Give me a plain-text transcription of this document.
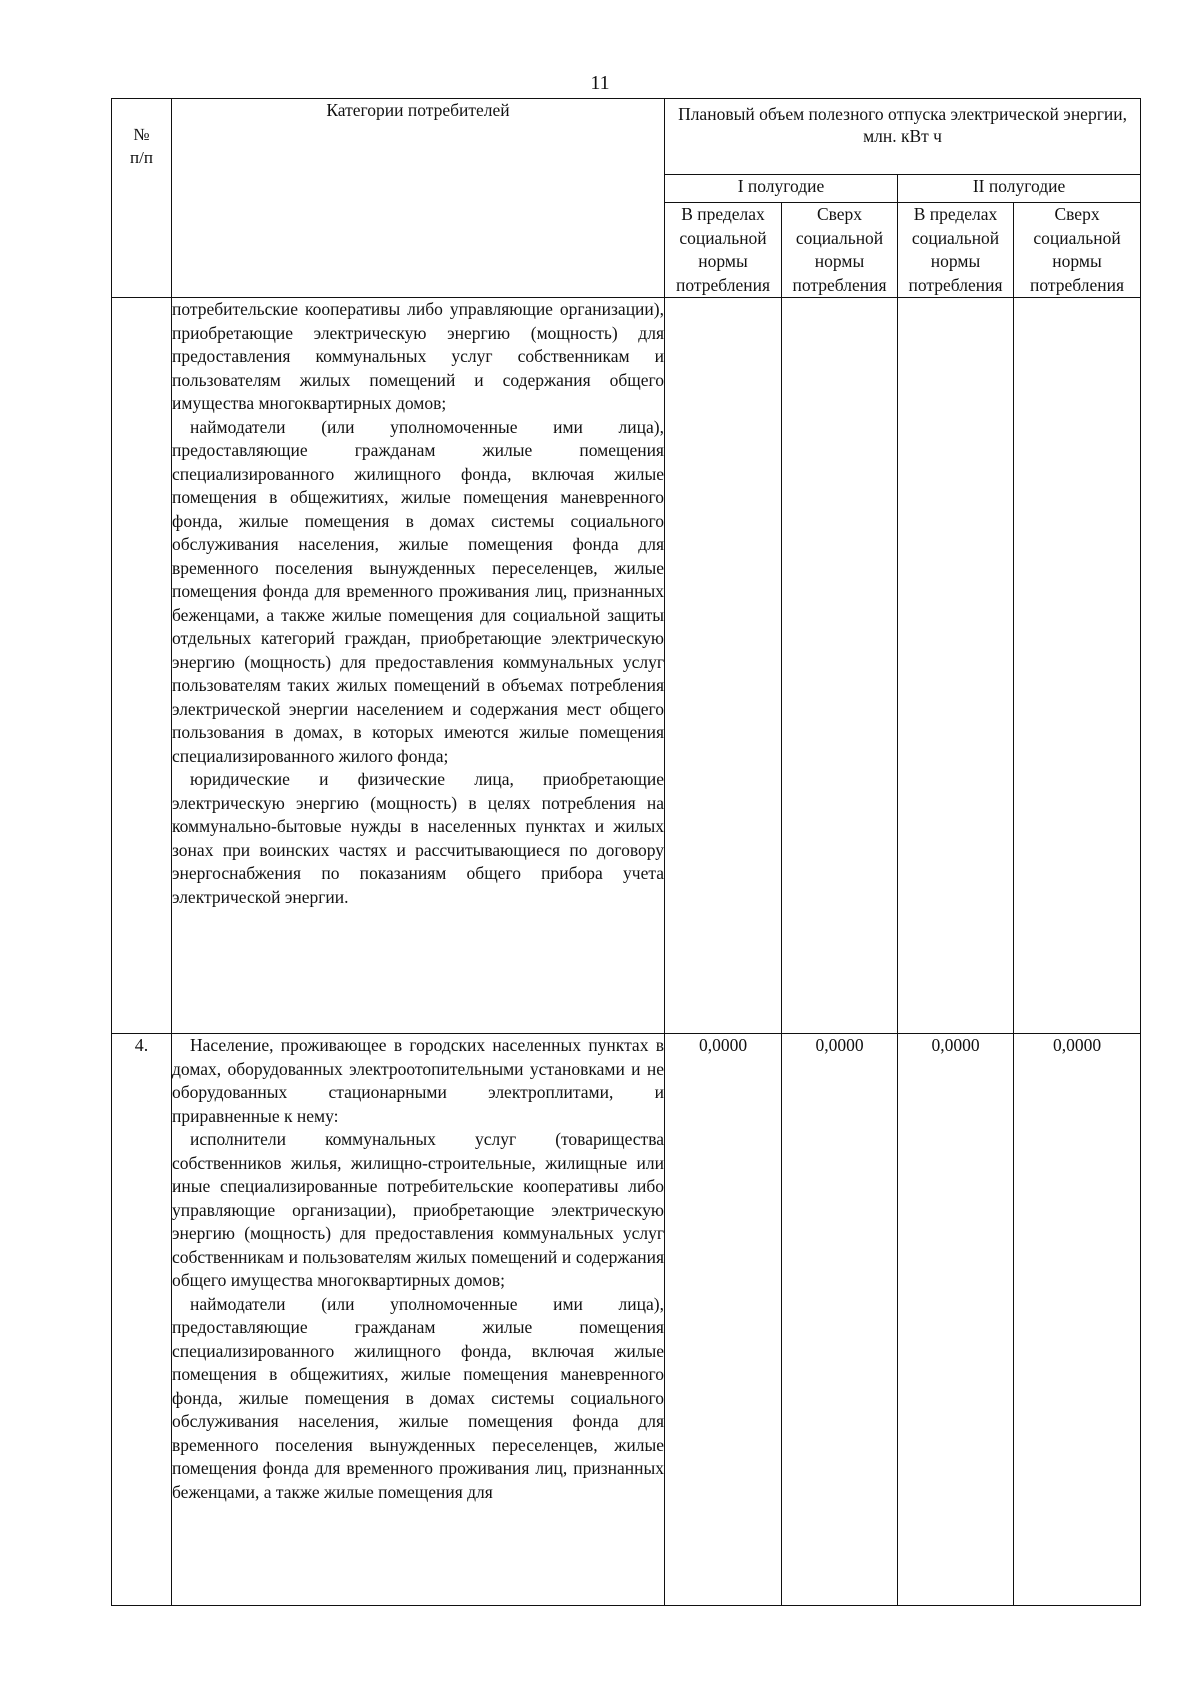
11

№
п/п	Категории потребителей	Плановый объем полезного отпуска электрической энергии,
млн. кВт ч			
		I полугодие		II полугодие	
		В пределах социальной нормы потребления	Сверх социальной нормы потребления	В пределах социальной нормы потребления	Сверх социальной нормы потребления

	потребительские кооперативы либо управляющие организации), приобретающие электрическую энергию (мощность) для предоставления коммунальных услуг собственникам и пользователям жилых помещений и содержания общего имущества многоквартирных домов;
наймодатели (или уполномоченные ими лица), предоставляющие гражданам жилые помещения специализированного жилищного фонда, включая жилые помещения в общежитиях, жилые помещения маневренного фонда, жилые помещения в домах системы социального обслуживания населения, жилые помещения фонда для временного поселения вынужденных переселенцев, жилые помещения фонда для временного проживания лиц, признанных беженцами, а также жилые помещения для социальной защиты отдельных категорий граждан, приобретающие электрическую энергию (мощность) для предоставления коммунальных услуг пользователям таких жилых помещений в объемах потребления электрической энергии населением и содержания мест общего пользования в домах, в которых имеются жилые помещения специализированного жилого фонда;
юридические и физические лица, приобретающие электрическую энергию (мощность) в целях потребления на коммунально-бытовые нужды в населенных пунктах и жилых зонах при воинских частях и рассчитывающиеся по договору энергоснабжения по показаниям общего прибора учета электрической энергии.				

4.	Население, проживающее в городских населенных пунктах в домах, оборудованных электроотопительными установками и не оборудованных стационарными электроплитами, и приравненные к нему:
исполнители коммунальных услуг (товарищества собственников жилья, жилищно-строительные, жилищные или иные специализированные потребительские кооперативы либо управляющие организации), приобретающие электрическую энергию (мощность) для предоставления коммунальных услуг собственникам и пользователям жилых помещений и содержания общего имущества многоквартирных домов;
наймодатели (или уполномоченные ими лица), предоставляющие гражданам жилые помещения специализированного жилищного фонда, включая жилые помещения в общежитиях, жилые помещения маневренного фонда, жилые помещения в домах системы социального обслуживания населения, жилые помещения фонда для временного поселения вынужденных переселенцев, жилые помещения фонда для временного проживания лиц, признанных беженцами, а также жилые помещения для	0,0000	0,0000	0,0000	0,0000
